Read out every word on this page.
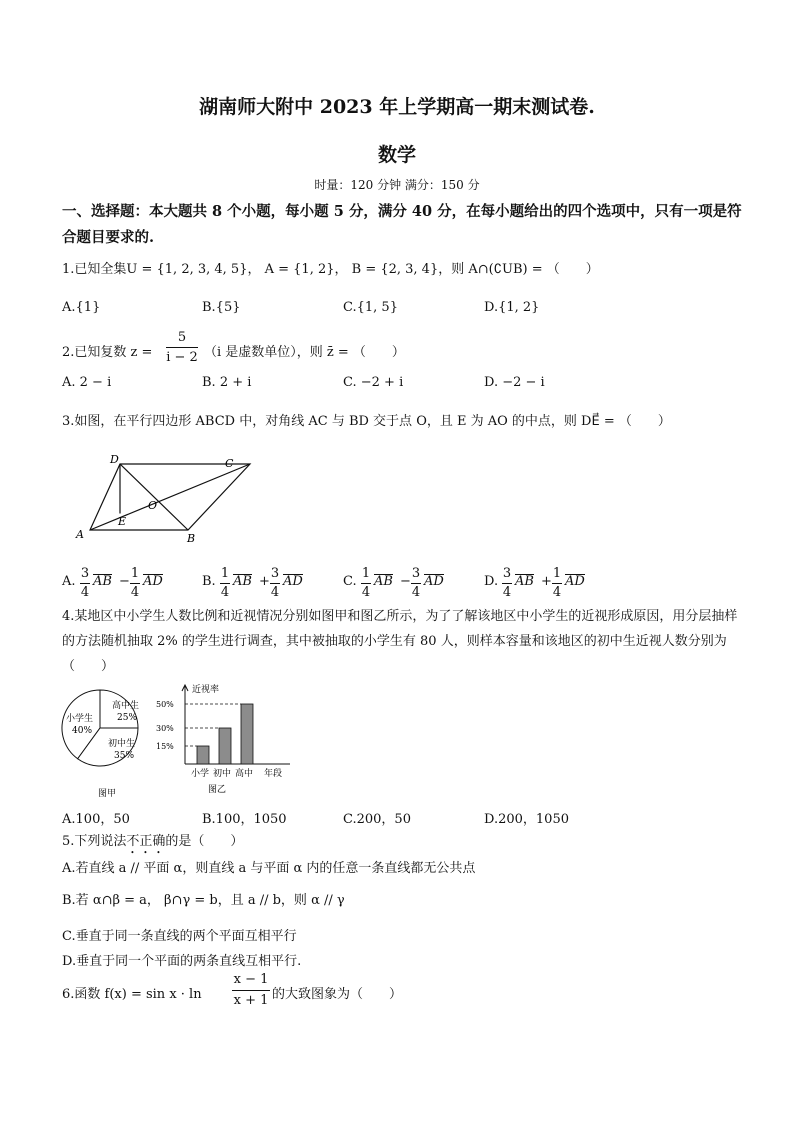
湖南师大附中 2023 年上学期高一期末测试卷.
数学
时量：120 分钟 满分：150 分
一、选择题：本大题共 8 个小题，每小题 5 分，满分 40 分，在每小题给出的四个选项中，只有一项是符合题目要求的.
1.已知全集U = {1, 2, 3, 4, 5}， A = {1, 2}， B = {2, 3, 4}，则 A∩(∁UB) = （　　）
A.{1}	B.{5}	C.{1, 5}	D.{1, 2}
2.已知复数 z =
5
i − 2 （i 是虚数单位），则 z̄ = （　　）
A. 2 − i	B. 2 + i	C. −2 + i	D. −2 − i
3.如图，在平行四边形 ABCD 中，对角线 AC 与 BD 交于点 O，且 E 为 AO 的中点，则 DE⃗ = （　　）
D	C
O
E
A	B
A.
3
4
AB −
1
4
AD	B.
1
4
AB +
3
4
AD	C.
1
4
AB −
3
4
AD	D.
3
4
AB +
1
4
AD
4.某地区中小学生人数比例和近视情况分别如图甲和图乙所示，为了了解该地区中小学生的近视形成原因，用分层抽样的方法随机抽取 2% 的学生进行调查，其中被抽取的小学生有 80 人，则样本容量和该地区的初中生近视人数分别为（　　）
小学生
40%
高中生
25%
初中生
35%
图甲
15%
小学
30%
初中
50%
高中
近视率
年段
图乙
A.100，50	B.100，1050	C.200，50	D.200，1050
5.下列说法不正确的是（　　）
A.若直线 a // 平面 α，则直线 a 与平面 α 内的任意一条直线都无公共点
B.若 α∩β = a， β∩γ = b，且 a // b，则 α // γ
C.垂直于同一条直线的两个平面互相平行
D.垂直于同一个平面的两条直线互相平行.
6.函数 f(x) = sin x · ln
x − 1
x + 1 的大致图象为（　　）
